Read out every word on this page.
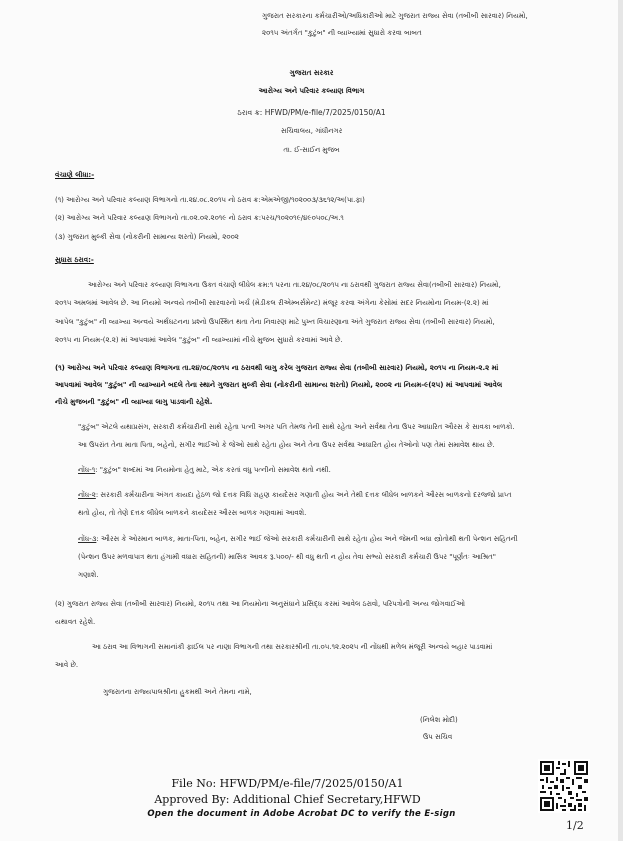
ગુજરાત સરકારના કર્મચારીઓ/અધિકારીઓ માટે ગુજરાત રાજ્ય સેવા (તબીબી સારવાર) નિયમો,
૨૦૧૫ અંતર્ગત "કુટુંબ" ની વ્યાખ્યામાં સુધારો કરવા બાબત
ગુજરાત સરકાર
આરોગ્ય અને પરિવાર કલ્યાણ વિભાગ
ઠરાવ ક્ર: HFWD/PM/e-file/7/2025/0150/A1
સચિવાલય, ગાંધીનગર
તા. ઈ-સાઈન મુજબ
વંચાણે લીધા:-
(૧) આરોગ્ય અને પરિવાર કલ્યાણ વિભાગનો તા.૨૪.૦૮.૨૦૧૫ નો ઠરાવ ક્ર:એમએજી/૧૦૨૦૦૩/૩૬૧૨/અ(પા.ફા)
(૨) આરોગ્ય અને પરિવાર કલ્યાણ વિભાગનો તા.૦૨.૦૨.૨૦૧૯ નો ઠરાવ ક્ર:પરચ/૧૦૨૦૧૯/૪૯૦૫૦૮/અ.૧
(૩) ગુજરાત મુલ્કી સેવા (નોકરીની સામાન્ય શરતો) નિયમો, ૨૦૦૨
સુધારા ઠરાવ:-
આરોગ્ય અને પરિવાર કલ્યાણ વિભાગના ઉક્ત વંચાણે લીધેલ ક્રમ:૧ પરના તા.૨૪/૦૮/૨૦૧૫ ના ઠરાવથી ગુજરાત રાજ્ય સેવા(તબીબી સારવાર) નિયમો,
૨૦૧૫ અમલમાં આવેલ છે. આ નિયમો અન્વયે તબીબી સારવારનો ખર્ચ (મેડીકલ રીએમ્બર્સમેન્ટ) મંજૂર કરવા અંગેના કેસોમાં સદર નિયમોના નિયમ-(૨.૨) માં
આપેલ "કુટુંબ" ની વ્યાખ્યા અન્વયે અર્થઘટનના પ્રશ્નો ઉપસ્થિત થતા તેના નિવારણ માટે પુખ્ત વિચારણાના અંતે ગુજરાત રાજ્ય સેવા (તબીબી સારવાર) નિયમો,
૨૦૧૫ ના નિયમ-(૨.૨) માં આપવામાં આવેલ "કુટુંબ" ની વ્યાખ્યામાં નીચે મુજબ સુધારો કરવામાં આવે છે.
(૧) આરોગ્ય અને પરિવાર કલ્યાણ વિભાગના તા.૨૪/૦૮/૨૦૧૫ ના ઠરાવથી લાગુ કરેલ ગુજરાત રાજ્ય સેવા (તબીબી સારવાર) નિયમો, ૨૦૧૫ ના નિયમ-૨.૨ માં
આપવામાં આવેલ "કુટુંબ" ની વ્યાખ્યાને બદલે તેના સ્થાને ગુજરાત મુલ્કી સેવા (નોકરીની સામાન્ય શરતો) નિયમો, ૨૦૦૨ ના નિયમ-૯(૨૫) માં આપવામાં આવેલ
નીચે મુજબની "કુટુંબ" ની વ્યાખ્યા લાગુ પાડવાની રહેશે.
"કુટુંબ" એટલે યથાપ્રસંગ, સરકારી કર્મચારીની સાથે રહેતા પત્ની અગર પતિ તેમજ તેની સાથે રહેતા અને સર્વથા તેના ઉપર આધારિત ઔરસ કે સાવકા બાળકો.
આ ઉપરાંત તેના માતા પિતા, બહેનો, સગીર ભાઈઓ કે જેઓ સાથે રહેતા હોય અને તેના ઉપર સર્વથા આધારિત હોય તેઓનો પણ તેમાં સમાવેશ થાય છે.
નોંધ-૧: "કુટુંબ" શબ્દમાં આ નિયમોના હેતુ માટે, એક કરતાં વધુ પત્નીનો સમાવેશ થતો નથી.
નોંધ-૨: સરકારી કર્મચારીના અંગત કાયદા હેઠળ જો દત્તક વિધિ ગ્રહણ કાયદેસર ગણાતી હોય અને તેથી દત્તક લીધેલ બાળકને ઔરસ બાળકનો દરજ્જો પ્રાપ્ત
થતો હોય, તો તેણે દત્તક લીધેલ બાળકને કાયદેસર ઔરસ બાળક ગણવામાં આવશે.
નોંધ-૩: ઔરસ કે ઓરમાન બાળક, માતા-પિતા, બહેન, સગીર ભાઈ જેઓ સરકારી કર્મચારીની સાથે રહેતા હોય અને જેમની બધા સ્ત્રોતોથી થતી પેન્શન સહિતની
(પેન્શન ઉપર મળવાપાત્ર થતા હંગામી વધારા સહિતની) માસિક આવક રૂ.૫૦૦/- થી વધુ થતી ન હોય તેવા સભ્યો સરકારી કર્મચારી ઉપર "પૂર્ણતઃ આશ્રિત"
ગણાશે.
(૨) ગુજરાત રાજ્ય સેવા (તબીબી સારવાર) નિયમો, ૨૦૧૫ તથા આ નિયમોના અનુસંધાને પ્રસિદ્ધ કરમાં આવેલ ઠરાવો, પરિપત્રોની અન્ય જોગવાઈઓ
યથાવત રહેશે.
આ ઠરાવ આ વિભાગની સમાનાંકી ફાઈલ પર નાણા વિભાગની તથા સરકારશ્રીની તા.૦૫.૧૨.૨૦૨૫ ની નોંધથી મળેલ મંજૂરી અન્વયે બહાર પાડવામાં
આવે છે.
ગુજરાતના રાજ્યપાલશ્રીના હુકમથી અને તેમના નામે,
(નિલેશ મોદી)
ઉપ સચિવ
File No: HFWD/PM/e-file/7/2025/0150/A1
Approved By: Additional Chief Secretary,HFWD
Open the document in Adobe Acrobat DC to verify the E-sign
1/2
